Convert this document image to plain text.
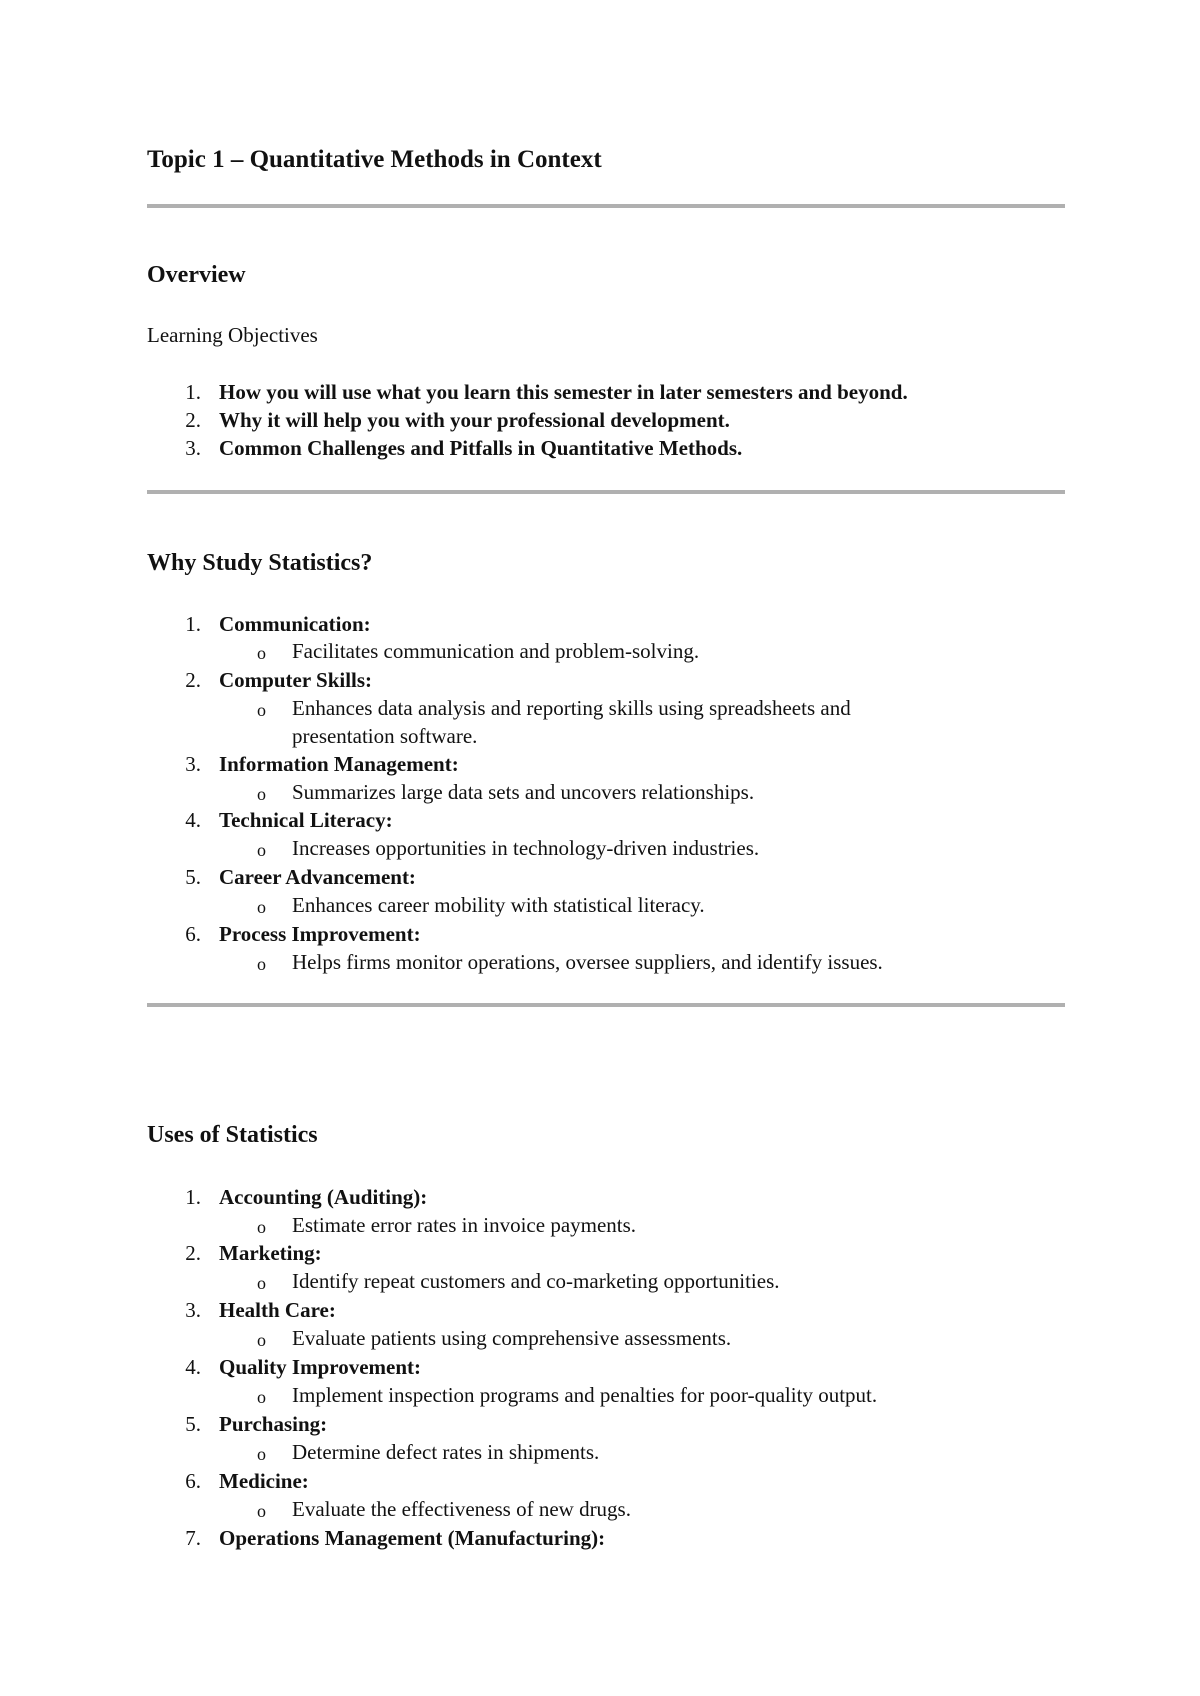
Topic 1 – Quantitative Methods in Context
Overview
Learning Objectives
1. How you will use what you learn this semester in later semesters and beyond.
2. Why it will help you with your professional development.
3. Common Challenges and Pitfalls in Quantitative Methods.
Why Study Statistics?
1. Communication:
o Facilitates communication and problem-solving.
2. Computer Skills:
o Enhances data analysis and reporting skills using spreadsheets and presentation software.
3. Information Management:
o Summarizes large data sets and uncovers relationships.
4. Technical Literacy:
o Increases opportunities in technology-driven industries.
5. Career Advancement:
o Enhances career mobility with statistical literacy.
6. Process Improvement:
o Helps firms monitor operations, oversee suppliers, and identify issues.
Uses of Statistics
1. Accounting (Auditing):
o Estimate error rates in invoice payments.
2. Marketing:
o Identify repeat customers and co-marketing opportunities.
3. Health Care:
o Evaluate patients using comprehensive assessments.
4. Quality Improvement:
o Implement inspection programs and penalties for poor-quality output.
5. Purchasing:
o Determine defect rates in shipments.
6. Medicine:
o Evaluate the effectiveness of new drugs.
7. Operations Management (Manufacturing):
